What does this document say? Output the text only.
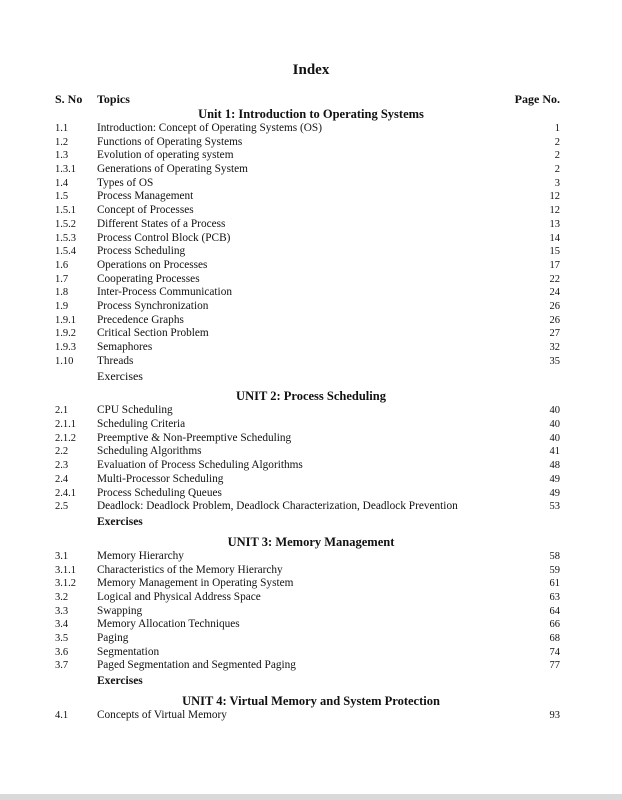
Index
S. No Topics	Page No.
Unit 1: Introduction to Operating Systems
1.1	Introduction: Concept of Operating Systems (OS)	1
1.2	Functions of Operating Systems	2
1.3	Evolution of operating system	2
1.3.1 Generations of Operating System	2
1.4	Types of OS	3
1.5	Process Management	12
1.5.1 Concept of Processes	12
1.5.2 Different States of a Process	13
1.5.3 Process Control Block (PCB)	14
1.5.4 Process Scheduling	15
1.6	Operations on Processes	17
1.7	Cooperating Processes	22
1.8	Inter-Process Communication	24
1.9	Process Synchronization	26
1.9.1 Precedence Graphs	26
1.9.2 Critical Section Problem	27
1.9.3 Semaphores	32
1.10 Threads	35
Exercises
UNIT 2: Process Scheduling
2.1	CPU Scheduling	40
2.1.1 Scheduling Criteria	40
2.1.2 Preemptive & Non-Preemptive Scheduling	40
2.2	Scheduling Algorithms	41
2.3	Evaluation of Process Scheduling Algorithms	48
2.4	Multi-Processor Scheduling	49
2.4.1 Process Scheduling Queues	49
2.5	Deadlock: Deadlock Problem, Deadlock Characterization, Deadlock Prevention	53
Exercises
UNIT 3: Memory Management
3.1	Memory Hierarchy	58
3.1.1 Characteristics of the Memory Hierarchy	59
3.1.2 Memory Management in Operating System	61
3.2	Logical and Physical Address Space	63
3.3	Swapping	64
3.4	Memory Allocation Techniques	66
3.5	Paging	68
3.6	Segmentation	74
3.7	Paged Segmentation and Segmented Paging	77
Exercises
UNIT 4: Virtual Memory and System Protection
4.1	Concepts of Virtual Memory	93
